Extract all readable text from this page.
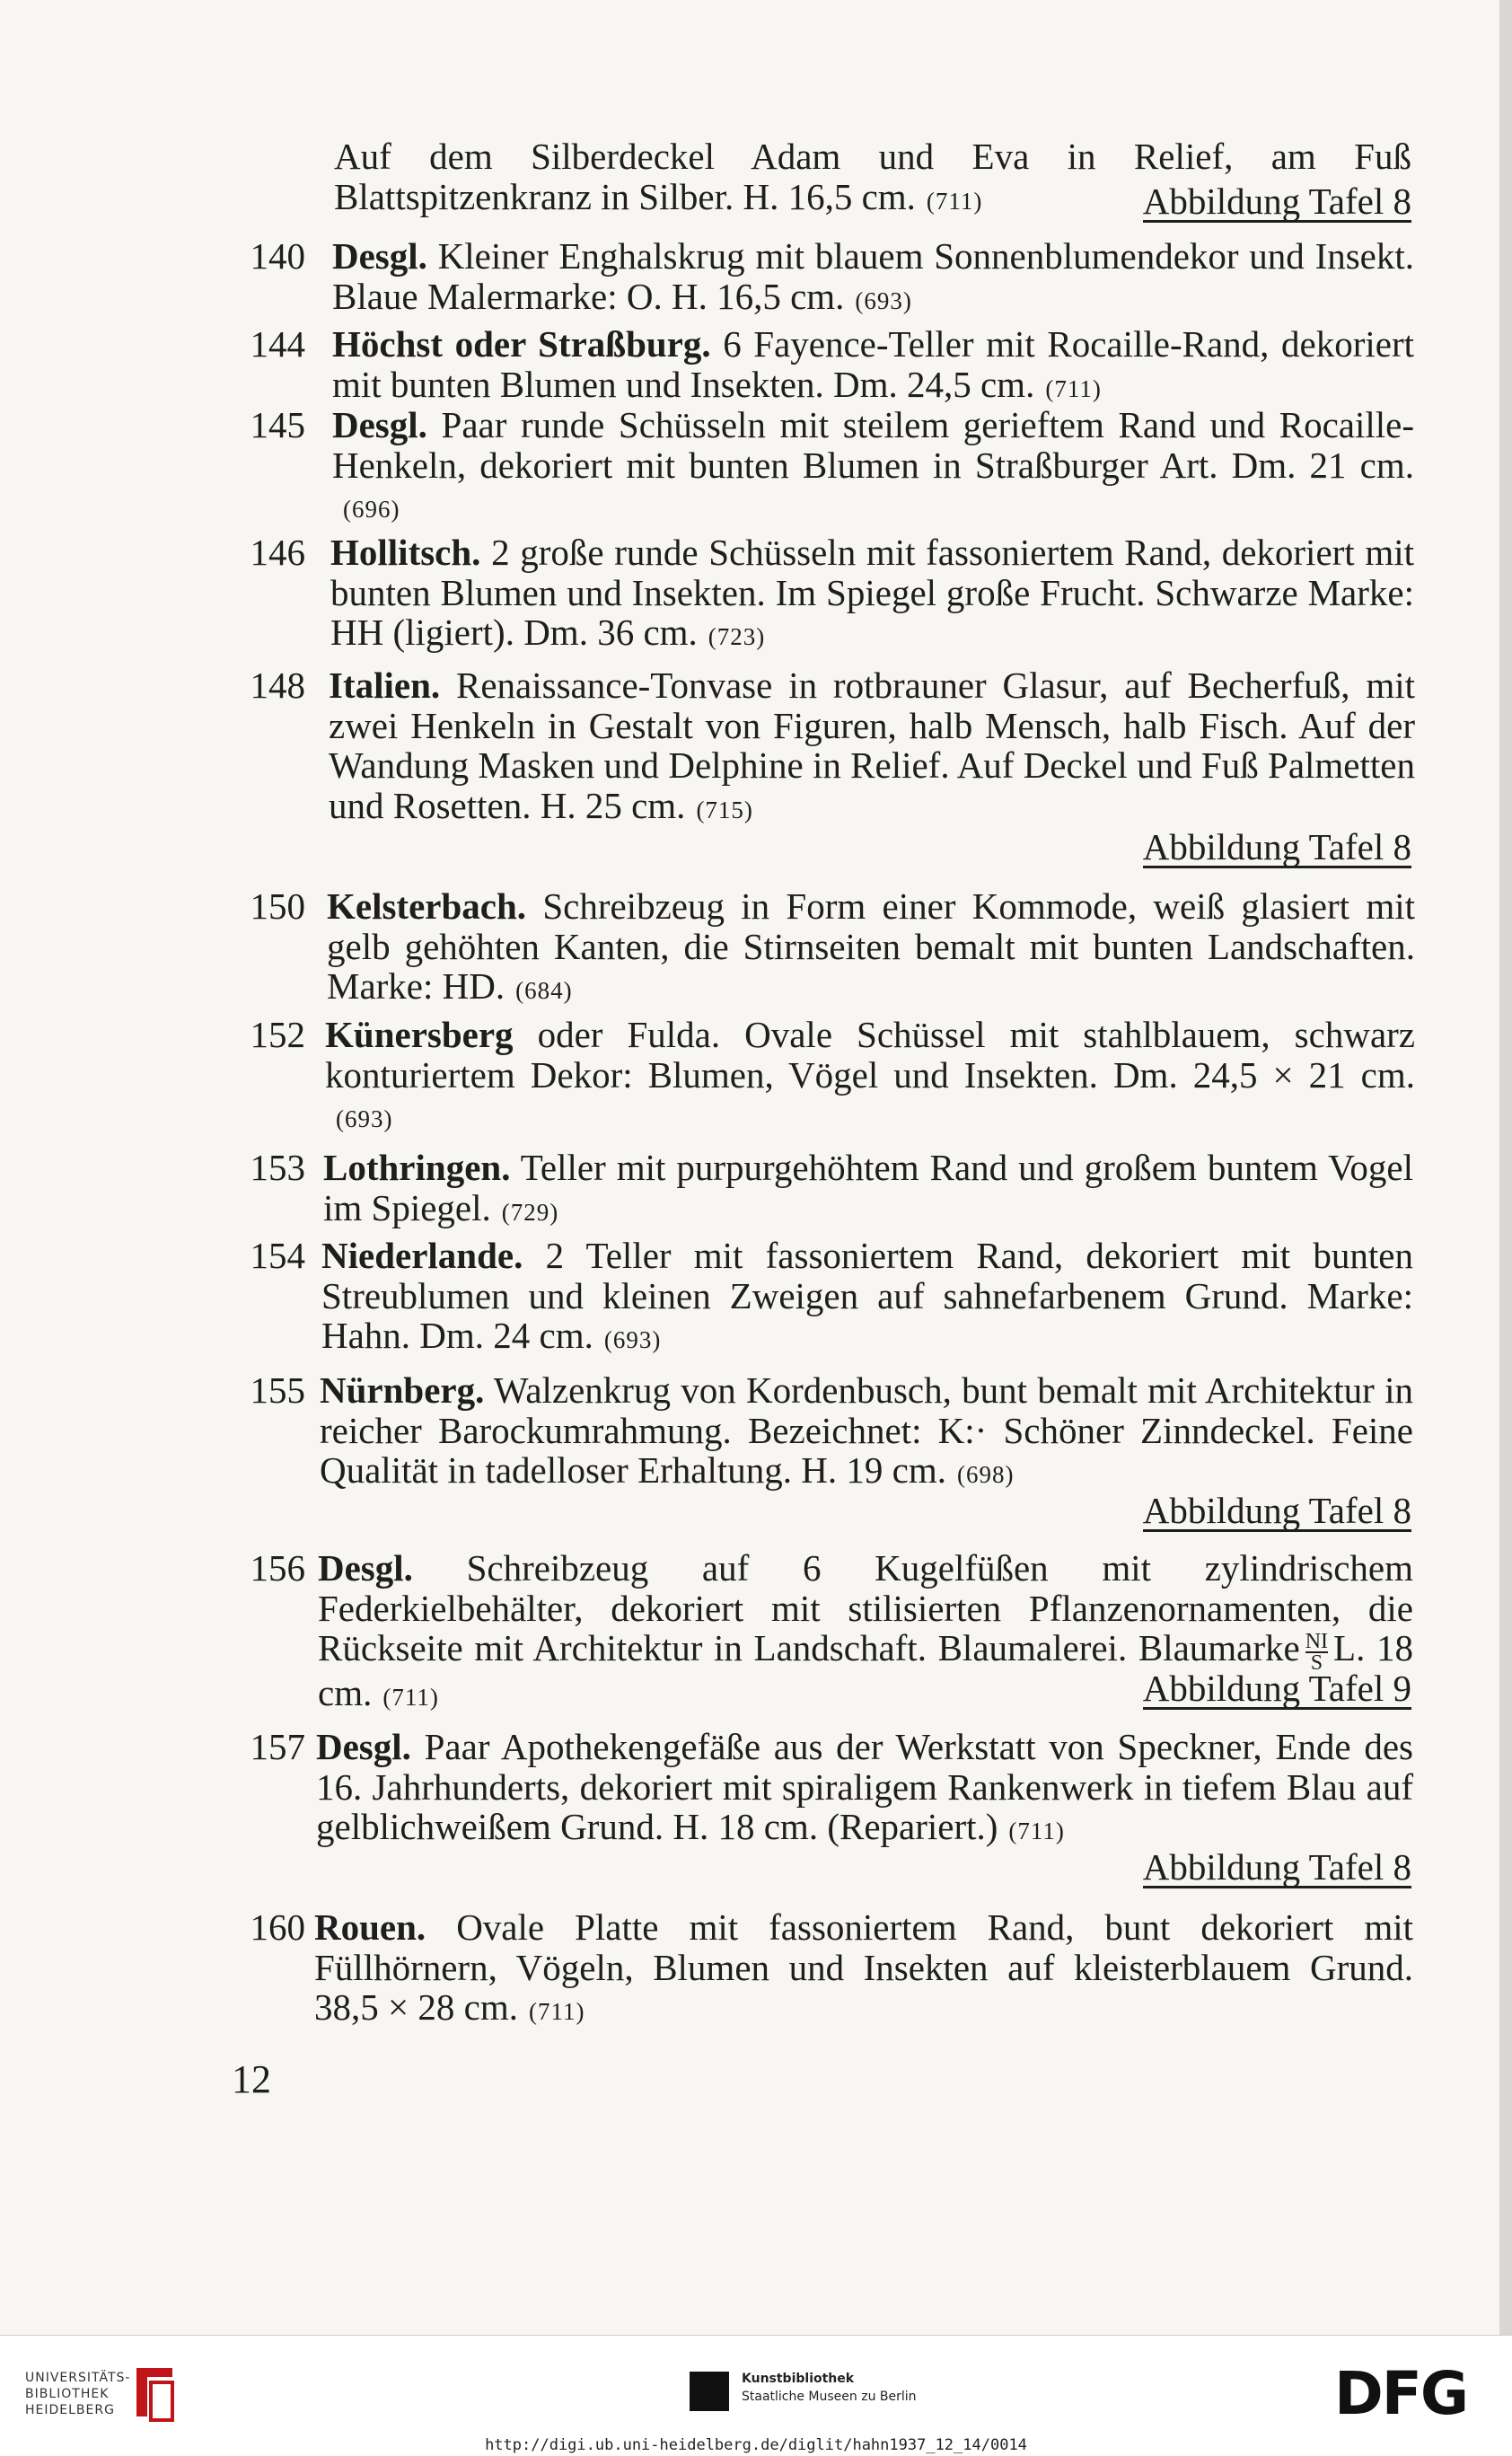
Auf dem Silberdeckel Adam und Eva in Relief, am Fuß Blattspitzenkranz in Silber. H. 16,5 cm. (711)	Abbildung Tafel 8
140 Desgl. Kleiner Enghalskrug mit blauem Sonnenblumendekor und Insekt. Blaue Malermarke: O. H. 16,5 cm. (693)
144 Höchst oder Straßburg. 6 Fayence-Teller mit Rocaille-Rand, dekoriert mit bunten Blumen und Insekten. Dm. 24,5 cm. (711)
145 Desgl. Paar runde Schüsseln mit steilem gerieftem Rand und Rocaille-Henkeln, dekoriert mit bunten Blumen in Straßburger Art. Dm. 21 cm.(696)
146 Hollitsch. 2 große runde Schüsseln mit fassoniertem Rand, dekoriert mit bunten Blumen und Insekten. Im Spiegel große Frucht. Schwarze Marke: HH (ligiert). Dm. 36 cm. (723)
148 Italien. Renaissance-Tonvase in rotbrauner Glasur, auf Becherfuß, mit zwei Henkeln in Gestalt von Figuren, halb Mensch, halb Fisch. Auf der Wandung Masken und Delphine in Relief. Auf Deckel und Fuß Palmetten und Rosetten. H. 25 cm. (715)
Abbildung Tafel 8
150 Kelsterbach. Schreibzeug in Form einer Kommode, weiß glasiert mit gelb gehöhten Kanten, die Stirnseiten bemalt mit bunten Landschaften. Marke: HD. (684)
152 Künersberg oder Fulda. Ovale Schüssel mit stahlblauem, schwarz konturiertem Dekor: Blumen, Vögel und Insekten. Dm. 24,5 × 21 cm.(693)
153 Lothringen. Teller mit purpurgehöhtem Rand und großem buntem Vogel im Spiegel. (729)
154 Niederlande. 2 Teller mit fassoniertem Rand, dekoriert mit bunten Streublumen und kleinen Zweigen auf sahnefarbenem Grund. Marke: Hahn. Dm. 24 cm. (693)
155 Nürnberg. Walzenkrug von Kordenbusch, bunt bemalt mit Architektur in reicher Barockumrahmung. Bezeichnet: K:· Schöner Zinndeckel. Feine Qualität in tadelloser Erhaltung. H. 19 cm. (698)
Abbildung Tafel 8
156 Desgl. Schreibzeug auf 6 Kugelfüßen mit zylindrischem Federkielbehälter, dekoriert mit stilisierten Pflanzenornamenten, die Rückseite mit Architektur in Landschaft. Blaumalerei. Blaumarke $\frac{NI}{S} L$. 18 cm. (711)	Abbildung Tafel 9
157 Desgl. Paar Apothekengefäße aus der Werkstatt von Speckner, Ende des 16. Jahrhunderts, dekoriert mit spiraligem Rankenwerk in tiefem Blau auf gelblichweißem Grund. H. 18 cm. (Repariert.) (711)
Abbildung Tafel 8
160 Rouen. Ovale Platte mit fassoniertem Rand, bunt dekoriert mit Füllhörnern, Vögeln, Blumen und Insekten auf kleisterblauem Grund. 38,5 × 28 cm. (711)
12
UNIVERSITÄTS-
BIBLIOTHEK
HEIDELBERG
Kunstbibliothek
Staatliche Museen zu Berlin	DFG
http://digi.ub.uni-heidelberg.de/diglit/hahn1937_12_14/0014
